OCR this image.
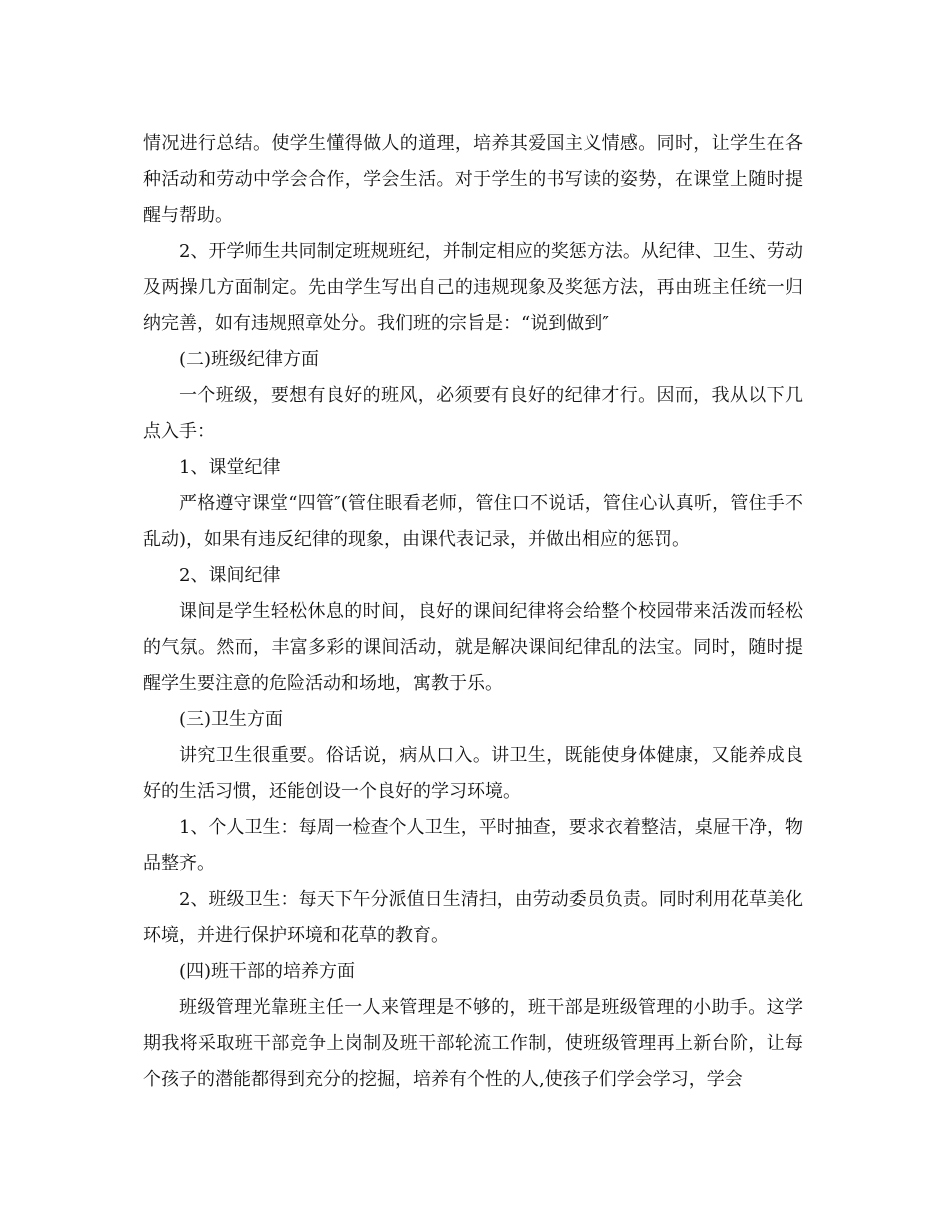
情况进行总结。使学生懂得做人的道理，培养其爱国主义情感。同时，让学生在各种活动和劳动中学会合作，学会生活。对于学生的书写读的姿势，在课堂上随时提醒与帮助。

2、开学师生共同制定班规班纪，并制定相应的奖惩方法。从纪律、卫生、劳动及两操几方面制定。先由学生写出自己的违规现象及奖惩方法，再由班主任统一归纳完善，如有违规照章处分。我们班的宗旨是：“说到做到″

(二)班级纪律方面

一个班级，要想有良好的班风，必须要有良好的纪律才行。因而，我从以下几点入手：

1、课堂纪律

严格遵守课堂“四管″(管住眼看老师，管住口不说话，管住心认真听，管住手不乱动)，如果有违反纪律的现象，由课代表记录，并做出相应的惩罚。

2、课间纪律

课间是学生轻松休息的时间，良好的课间纪律将会给整个校园带来活泼而轻松的气氛。然而，丰富多彩的课间活动，就是解决课间纪律乱的法宝。同时，随时提醒学生要注意的危险活动和场地，寓教于乐。

(三)卫生方面

讲究卫生很重要。俗话说，病从口入。讲卫生，既能使身体健康，又能养成良好的生活习惯，还能创设一个良好的学习环境。

1、个人卫生：每周一检查个人卫生，平时抽查，要求衣着整洁，桌屉干净，物品整齐。

2、班级卫生：每天下午分派值日生清扫，由劳动委员负责。同时利用花草美化环境，并进行保护环境和花草的教育。

(四)班干部的培养方面

班级管理光靠班主任一人来管理是不够的，班干部是班级管理的小助手。这学期我将采取班干部竞争上岗制及班干部轮流工作制，使班级管理再上新台阶，让每个孩子的潜能都得到充分的挖掘，培养有个性的人,使孩子们学会学习，学会
